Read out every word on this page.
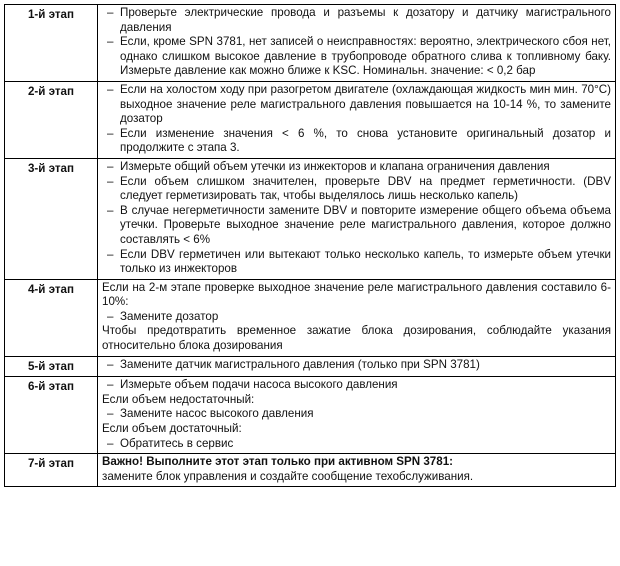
1-й этап	– Проверьте электрические провода и разъемы к дозатору и датчику магистрального давления
– Если, кроме SPN 3781, нет записей о неисправностях: вероятно, электрического сбоя нет, однако слишком высокое давление в трубопроводе обратного слива к топливному баку. Измерьте давление как можно ближе к KSC. Номинальн. значение: < 0,2 бар

2-й этап	– Если на холостом ходу при разогретом двигателе (охлаждающая жидкость мин мин. 70°C) выходное значение реле магистрального давления повышается на 10-14 %, то замените дозатор
– Если изменение значения < 6 %, то снова установите оригинальный дозатор и продолжите с этапа 3.

3-й этап	– Измерьте общий объем утечки из инжекторов и клапана ограничения давления
– Если объем слишком значителен, проверьте DBV на предмет герметичности. (DBV следует герметизировать так, чтобы выделялось лишь несколько капель)
– В случае негерметичности замените DBV и повторите измерение общего объема объема утечки. Проверьте выходное значение реле магистрального давления, которое должно составлять < 6%
– Если DBV герметичен или вытекают только несколько капель, то измерьте объем утечки только из инжекторов

4-й этап	Если на 2-м этапе проверке выходное значение реле магистрального давления составило 6-10%:
– Замените дозатор
Чтобы предотвратить временное зажатие блока дозирования, соблюдайте указания относительно блока дозирования

5-й этап	– Замените датчик магистрального давления (только при SPN 3781)

6-й этап	– Измерьте объем подачи насоса высокого давления
Если объем недостаточный:
– Замените насос высокого давления
Если объем достаточный:
– Обратитесь в сервис

7-й этап	Важно! Выполните этот этап только при активном SPN 3781:
замените блок управления и создайте сообщение техобслуживания.
